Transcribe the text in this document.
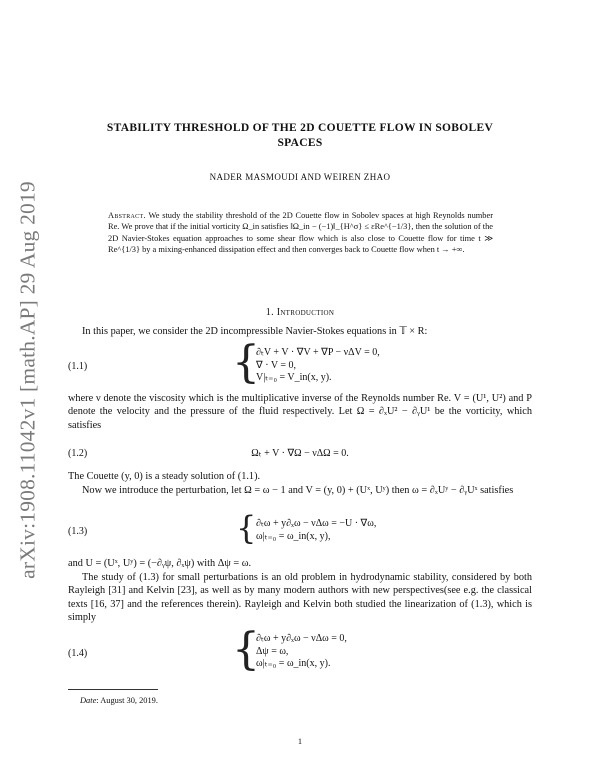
arXiv:1908.11042v1 [math.AP] 29 Aug 2019
STABILITY THRESHOLD OF THE 2D COUETTE FLOW IN SOBOLEV
SPACES
NADER MASMOUDI AND WEIREN ZHAO
Abstract. We study the stability threshold of the 2D Couette flow in Sobolev spaces at high Reynolds number Re. We prove that if the initial vorticity Ω_in satisfies ‖Ω_in − (−1)‖_{H^σ} ≤ εRe^{−1/3}, then the solution of the 2D Navier-Stokes equation approaches to some shear flow which is also close to Couette flow for time t ≫ Re^{1/3} by a mixing-enhanced dissipation effect and then converges back to Couette flow when t → +∞.
1. Introduction
In this paper, we consider the 2D incompressible Navier-Stokes equations in 𝕋 × R:
(1.1)	{
∂ₜV + V · ∇V + ∇P − νΔV = 0,
∇ · V = 0,
V|ₜ₌₀ = V_in(x, y).
where ν denote the viscosity which is the multiplicative inverse of the Reynolds number Re. V = (U¹, U²) and P denote the velocity and the pressure of the fluid respectively. Let Ω = ∂ₓU² − ∂ᵧU¹ be the vorticity, which satisfies
(1.2)	Ωₜ + V · ∇Ω − νΔΩ = 0.
The Couette (y, 0) is a steady solution of (1.1).
Now we introduce the perturbation, let Ω = ω − 1 and V = (y, 0) + (Uˣ, Uʸ) then ω = ∂ₓUʸ − ∂ᵧUˣ satisfies
(1.3)	{ ∂ₜω + y∂ₓω − νΔω = −U · ∇ω,
ω|ₜ₌₀ = ω_in(x, y),
and U = (Uˣ, Uʸ) = (−∂ᵧψ, ∂ₓψ) with Δψ = ω.
The study of (1.3) for small perturbations is an old problem in hydrodynamic stability, considered by both Rayleigh [31] and Kelvin [23], as well as by many modern authors with new perspectives(see e.g. the classical texts [16, 37] and the references therein). Rayleigh and Kelvin both studied the linearization of (1.3), which is simply
(1.4)	{
∂ₜω + y∂ₓω − νΔω = 0,
Δψ = ω,
ω|ₜ₌₀ = ω_in(x, y).
Date: August 30, 2019.
1
